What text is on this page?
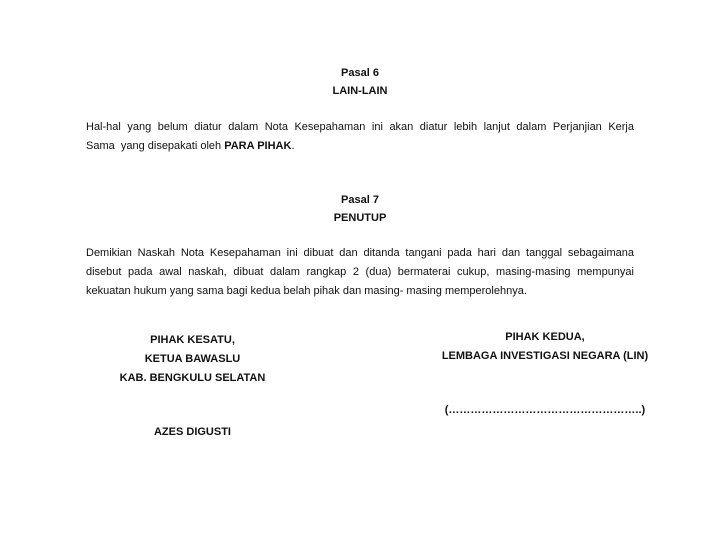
Pasal 6
LAIN-LAIN
Hal-hal yang belum diatur dalam Nota Kesepahaman ini akan diatur lebih lanjut dalam Perjanjian Kerja
Sama  yang disepakati oleh PARA PIHAK.
Pasal 7
PENUTUP
Demikian Naskah Nota Kesepahaman ini dibuat dan ditanda tangani pada hari dan tanggal sebagaimana
disebut pada awal naskah, dibuat dalam rangkap 2 (dua) bermaterai cukup, masing-masing mempunyai
kekuatan hukum yang sama bagi kedua belah pihak dan masing- masing memperolehnya.
PIHAK KESATU,
KETUA BAWASLU
KAB. BENGKULU SELATAN
AZES DIGUSTI
PIHAK KEDUA,
LEMBAGA INVESTIGASI NEGARA (LIN)
(……………………………………………..)
